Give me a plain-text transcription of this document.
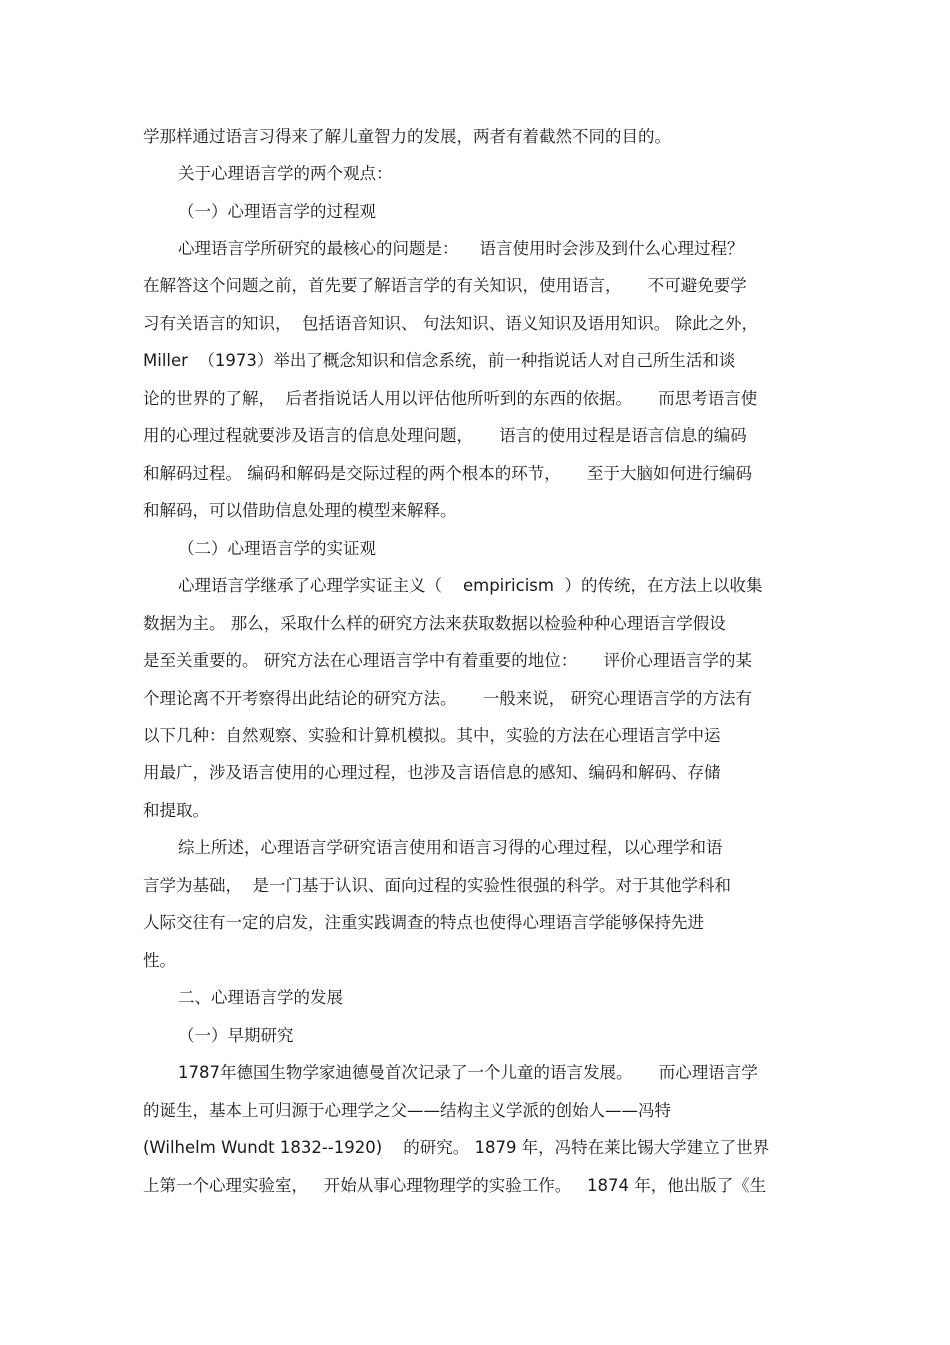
学那样通过语言习得来了解儿童智力的发展，两者有着截然不同的目的。
关于心理语言学的两个观点：
（一）心理语言学的过程观
心理语言学所研究的最核心的问题是：    语言使用时会涉及到什么心理过程？
在解答这个问题之前，首先要了解语言学的有关知识，使用语言，     不可避免要学
习有关语言的知识，  包括语音知识、 句法知识、语义知识及语用知识。 除此之外，
Miller  （1973）举出了概念知识和信念系统，前一种指说话人对自己所生活和谈
论的世界的了解，  后者指说话人用以评估他所听到的东西的依据。     而思考语言使
用的心理过程就要涉及语言的信息处理问题，     语言的使用过程是语言信息的编码
和解码过程。 编码和解码是交际过程的两个根本的环节，     至于大脑如何进行编码
和解码，可以借助信息处理的模型来解释。
（二）心理语言学的实证观
心理语言学继承了心理学实证主义（    empiricism  ）的传统，在方法上以收集
数据为主。 那么，采取什么样的研究方法来获取数据以检验种种心理语言学假设
是至关重要的。 研究方法在心理语言学中有着重要的地位：     评价心理语言学的某
个理论离不开考察得出此结论的研究方法。     一般来说， 研究心理语言学的方法有
以下几种：自然观察、实验和计算机模拟。其中，实验的方法在心理语言学中运
用最广，涉及语言使用的心理过程，也涉及言语信息的感知、编码和解码、存储
和提取。
综上所述，心理语言学研究语言使用和语言习得的心理过程，以心理学和语
言学为基础，  是一门基于认识、面向过程的实验性很强的科学。对于其他学科和
人际交往有一定的启发，注重实践调查的特点也使得心理语言学能够保持先进
性。
二、心理语言学的发展
（一）早期研究
1787年德国生物学家迪德曼首次记录了一个儿童的语言发展。     而心理语言学
的诞生，基本上可归源于心理学之父——结构主义学派的创始人——冯特
(Wilhelm Wundt 1832--1920)    的研究。 1879 年，冯特在莱比锡大学建立了世界
上第一个心理实验室，   开始从事心理物理学的实验工作。   1874 年，他出版了《生
